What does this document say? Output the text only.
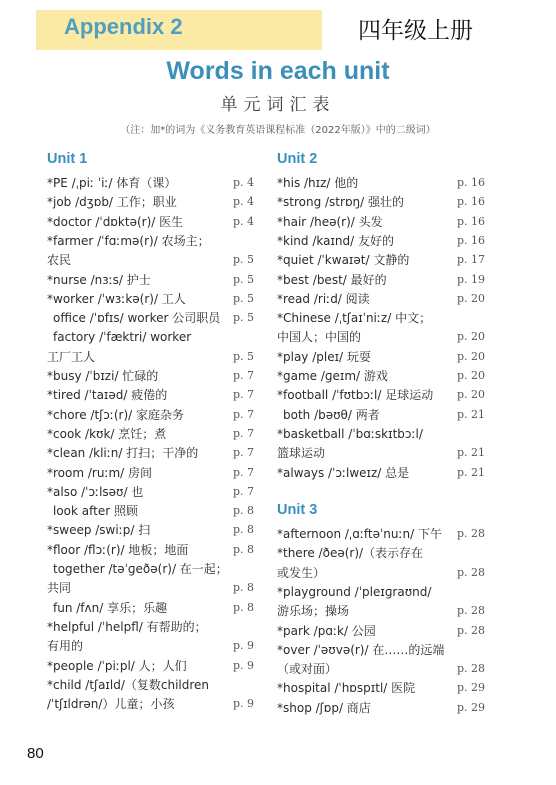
Appendix 2	四年级上册
Words in each unit
单元词汇表
（注：加*的词为《义务教育英语课程标准（2022年版）》中的二级词）
Unit 1	Unit 2
Unit 3
*PE /ˌpiː ˈiː/ 体育（课）	p. 4
*job /dʒɒb/ 工作；职业	p. 4
*doctor /ˈdɒktə(r)/ 医生	p. 4
*farmer /ˈfɑːmə(r)/ 农场主；
农民	p. 5
*nurse /nɜːs/ 护士	p. 5
*worker /ˈwɜːkə(r)/ 工人	p. 5
office /ˈɒfɪs/ worker 公司职员 p. 5
factory /ˈfæktri/ worker
工厂工人	p. 5
*busy /ˈbɪzi/ 忙碌的	p. 7
*tired /ˈtaɪəd/ 疲倦的	p. 7
*chore /tʃɔː(r)/ 家庭杂务	p. 7
*cook /kʊk/ 烹饪；煮	p. 7
*clean /kliːn/ 打扫；干净的	p. 7
*room /ruːm/ 房间	p. 7
*also /ˈɔːlsəʊ/ 也	p. 7
look after 照顾	p. 8
*sweep /swiːp/ 扫	p. 8
*floor /flɔː(r)/ 地板；地面	p. 8
together /təˈɡeðə(r)/ 在一起；
共同	p. 8
fun /fʌn/ 享乐；乐趣	p. 8
*helpful /ˈhelpfl/ 有帮助的；
有用的	p. 9
*people /ˈpiːpl/ 人；人们	p. 9
*child /tʃaɪld/（复数children
/ˈtʃɪldrən/）儿童；小孩	p. 9
*his /hɪz/ 他的	p. 16
*strong /strɒŋ/ 强壮的	p. 16
*hair /heə(r)/ 头发	p. 16
*kind /kaɪnd/ 友好的	p. 16
*quiet /ˈkwaɪət/ 文静的	p. 17
*best /best/ 最好的	p. 19
*read /riːd/ 阅读	p. 20
*Chinese /ˌtʃaɪˈniːz/ 中文；
中国人；中国的	p. 20
*play /pleɪ/ 玩耍	p. 20
*game /ɡeɪm/ 游戏	p. 20
*football /ˈfʊtbɔːl/ 足球运动 p. 20
both /bəʊθ/ 两者	p. 21
*basketball /ˈbɑːskɪtbɔːl/
篮球运动	p. 21
*always /ˈɔːlweɪz/ 总是	p. 21
*afternoon /ˌɑːftəˈnuːn/ 下午 p. 28
*there /ðeə(r)/（表示存在
或发生）	p. 28
*playground /ˈpleɪɡraʊnd/
游乐场；操场	p. 28
*park /pɑːk/ 公园	p. 28
*over /ˈəʊvə(r)/ 在……的远端
（或对面）	p. 28
*hospital /ˈhɒspɪtl/ 医院	p. 29
*shop /ʃɒp/ 商店	p. 29
80
